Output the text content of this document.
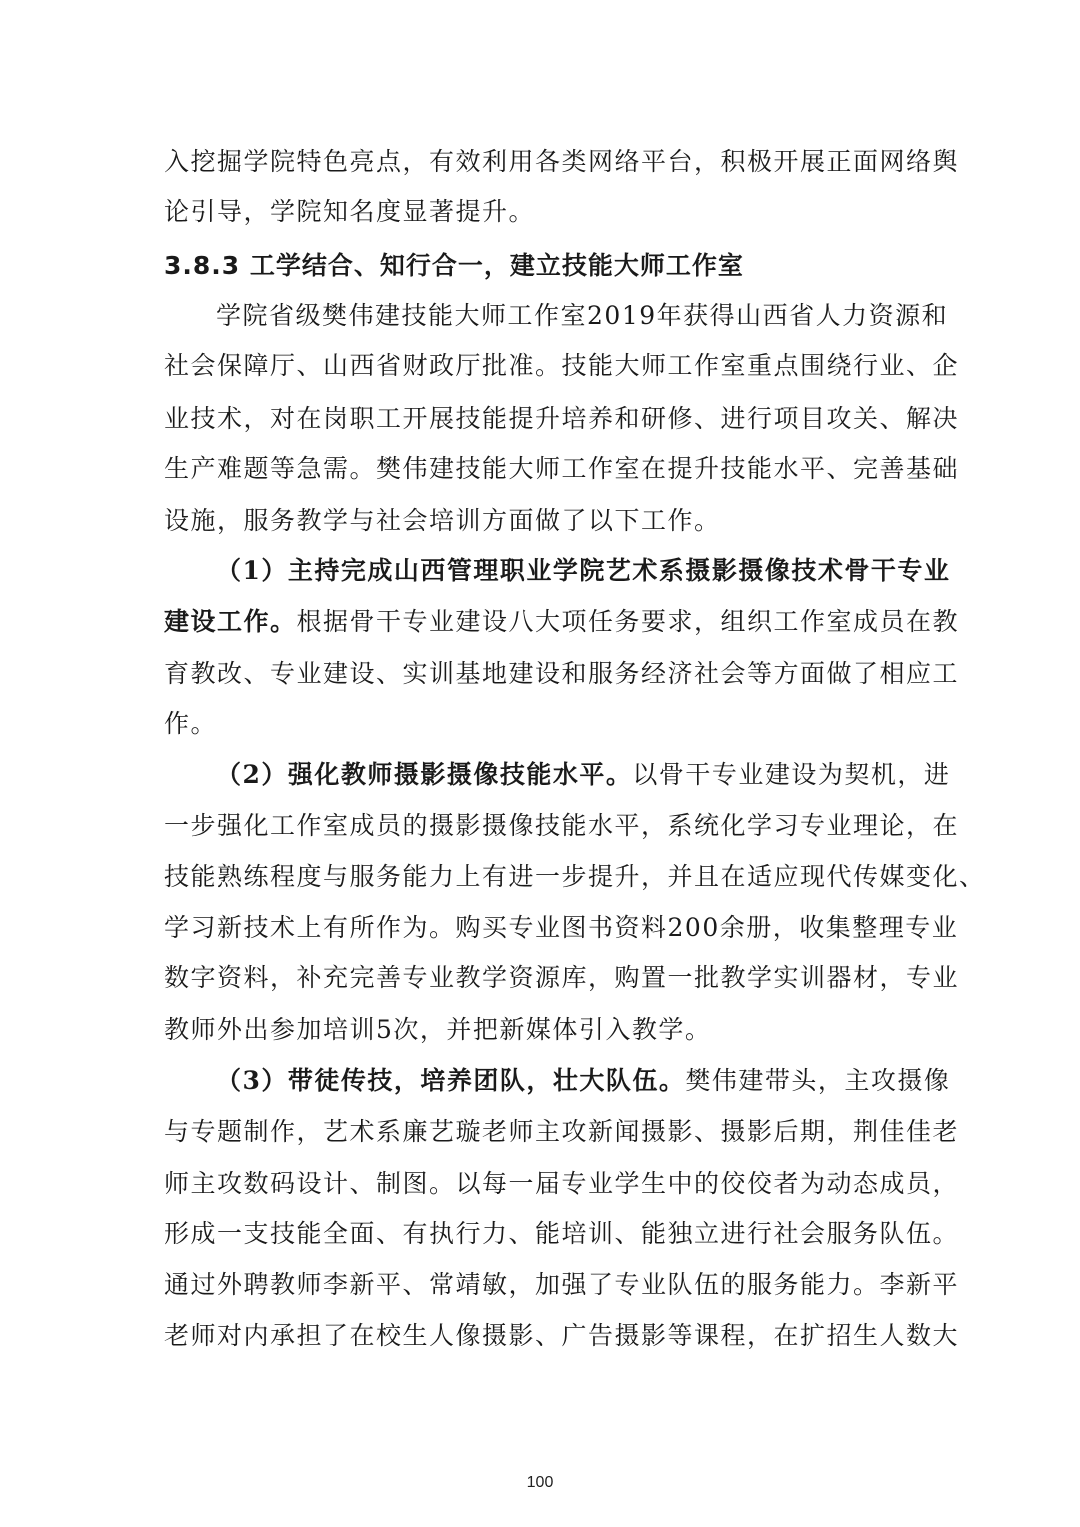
入挖掘学院特色亮点，有效利用各类网络平台，积极开展正面网络舆
论引导，学院知名度显著提升。
3.8.3 工学结合、知行合一，建立技能大师工作室
学院省级樊伟建技能大师工作室2019年获得山西省人力资源和
社会保障厅、山西省财政厅批准。技能大师工作室重点围绕行业、企
业技术，对在岗职工开展技能提升培养和研修、进行项目攻关、解决
生产难题等急需。樊伟建技能大师工作室在提升技能水平、完善基础
设施，服务教学与社会培训方面做了以下工作。
（1）主持完成山西管理职业学院艺术系摄影摄像技术骨干专业
建设工作。根据骨干专业建设八大项任务要求，组织工作室成员在教
育教改、专业建设、实训基地建设和服务经济社会等方面做了相应工
作。
（2）强化教师摄影摄像技能水平。以骨干专业建设为契机，进
一步强化工作室成员的摄影摄像技能水平，系统化学习专业理论，在
技能熟练程度与服务能力上有进一步提升，并且在适应现代传媒变化、
学习新技术上有所作为。购买专业图书资料200余册，收集整理专业
数字资料，补充完善专业教学资源库，购置一批教学实训器材，专业
教师外出参加培训5次，并把新媒体引入教学。
（3）带徒传技，培养团队，壮大队伍。樊伟建带头，主攻摄像
与专题制作，艺术系廉艺璇老师主攻新闻摄影、摄影后期，荆佳佳老
师主攻数码设计、制图。以每一届专业学生中的佼佼者为动态成员，
形成一支技能全面、有执行力、能培训、能独立进行社会服务队伍。
通过外聘教师李新平、常靖敏，加强了专业队伍的服务能力。李新平
老师对内承担了在校生人像摄影、广告摄影等课程，在扩招生人数大
100
